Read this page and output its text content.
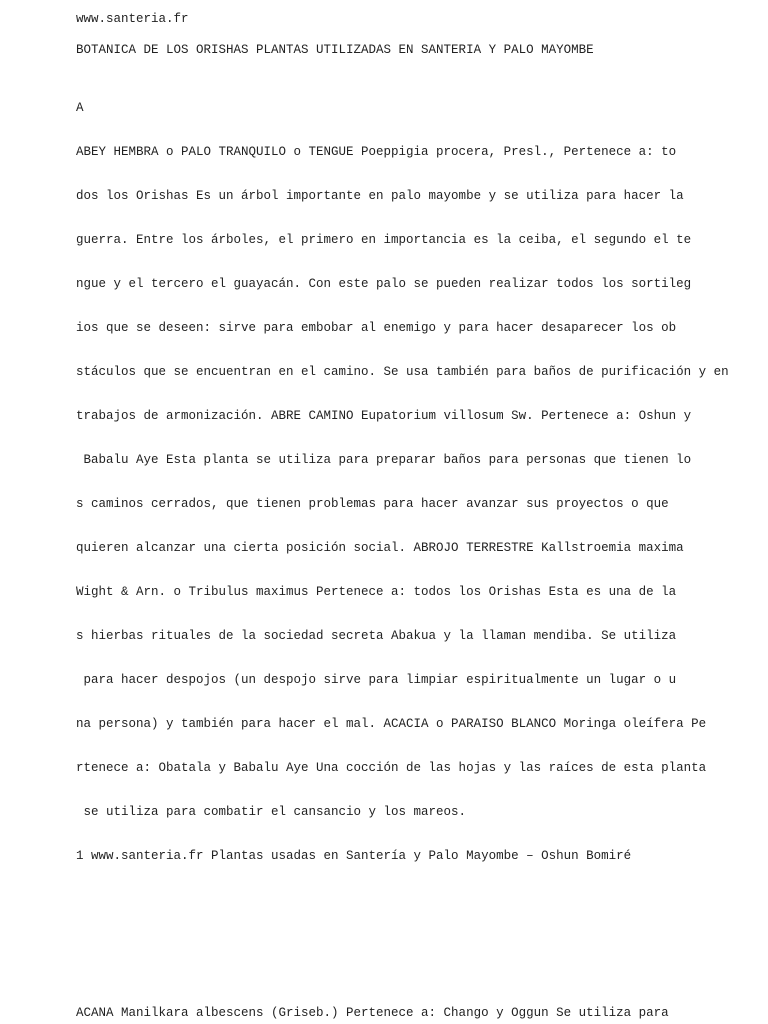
www.santeria.fr
BOTANICA DE LOS ORISHAS PLANTAS UTILIZADAS EN SANTERIA Y PALO MAYOMBE

A

ABEY HEMBRA o PALO TRANQUILO o TENGUE Poeppigia procera, Presl., Pertenece a: to

dos los Orishas Es un árbol importante en palo mayombe y se utiliza para hacer la

guerra. Entre los árboles, el primero en importancia es la ceiba, el segundo el te

ngue y el tercero el guayacán. Con este palo se pueden realizar todos los sortileg

ios que se deseen: sirve para embobar al enemigo y para hacer desaparecer los ob

stáculos que se encuentran en el camino. Se usa también para baños de purificación y en

trabajos de armonización. ABRE CAMINO Eupatorium villosum Sw. Pertenece a: Oshun y

Babalu Aye Esta planta se utiliza para preparar baños para personas que tienen lo

s caminos cerrados, que tienen problemas para hacer avanzar sus proyectos o que

quieren alcanzar una cierta posición social. ABROJO TERRESTRE Kallstroemia maxima

Wight & Arn. o Tribulus maximus Pertenece a: todos los Orishas Esta es una de la

s hierbas rituales de la sociedad secreta Abakua y la llaman mendiba. Se utiliza

para hacer despojos (un despojo sirve para limpiar espiritualmente un lugar o u

na persona) y también para hacer el mal. ACACIA o PARAISO BLANCO Moringa oleífera Pe

rtenece a: Obatala y Babalu Aye Una cocción de las hojas y las raíces de esta planta

se utiliza para combatir el cansancio y los mareos.

1 www.santeria.fr Plantas usadas en Santería y Palo Mayombe – Oshun Bomiré

ACANA Manilkara albescens (Griseb.) Pertenece a: Chango y Oggun Se utiliza para
